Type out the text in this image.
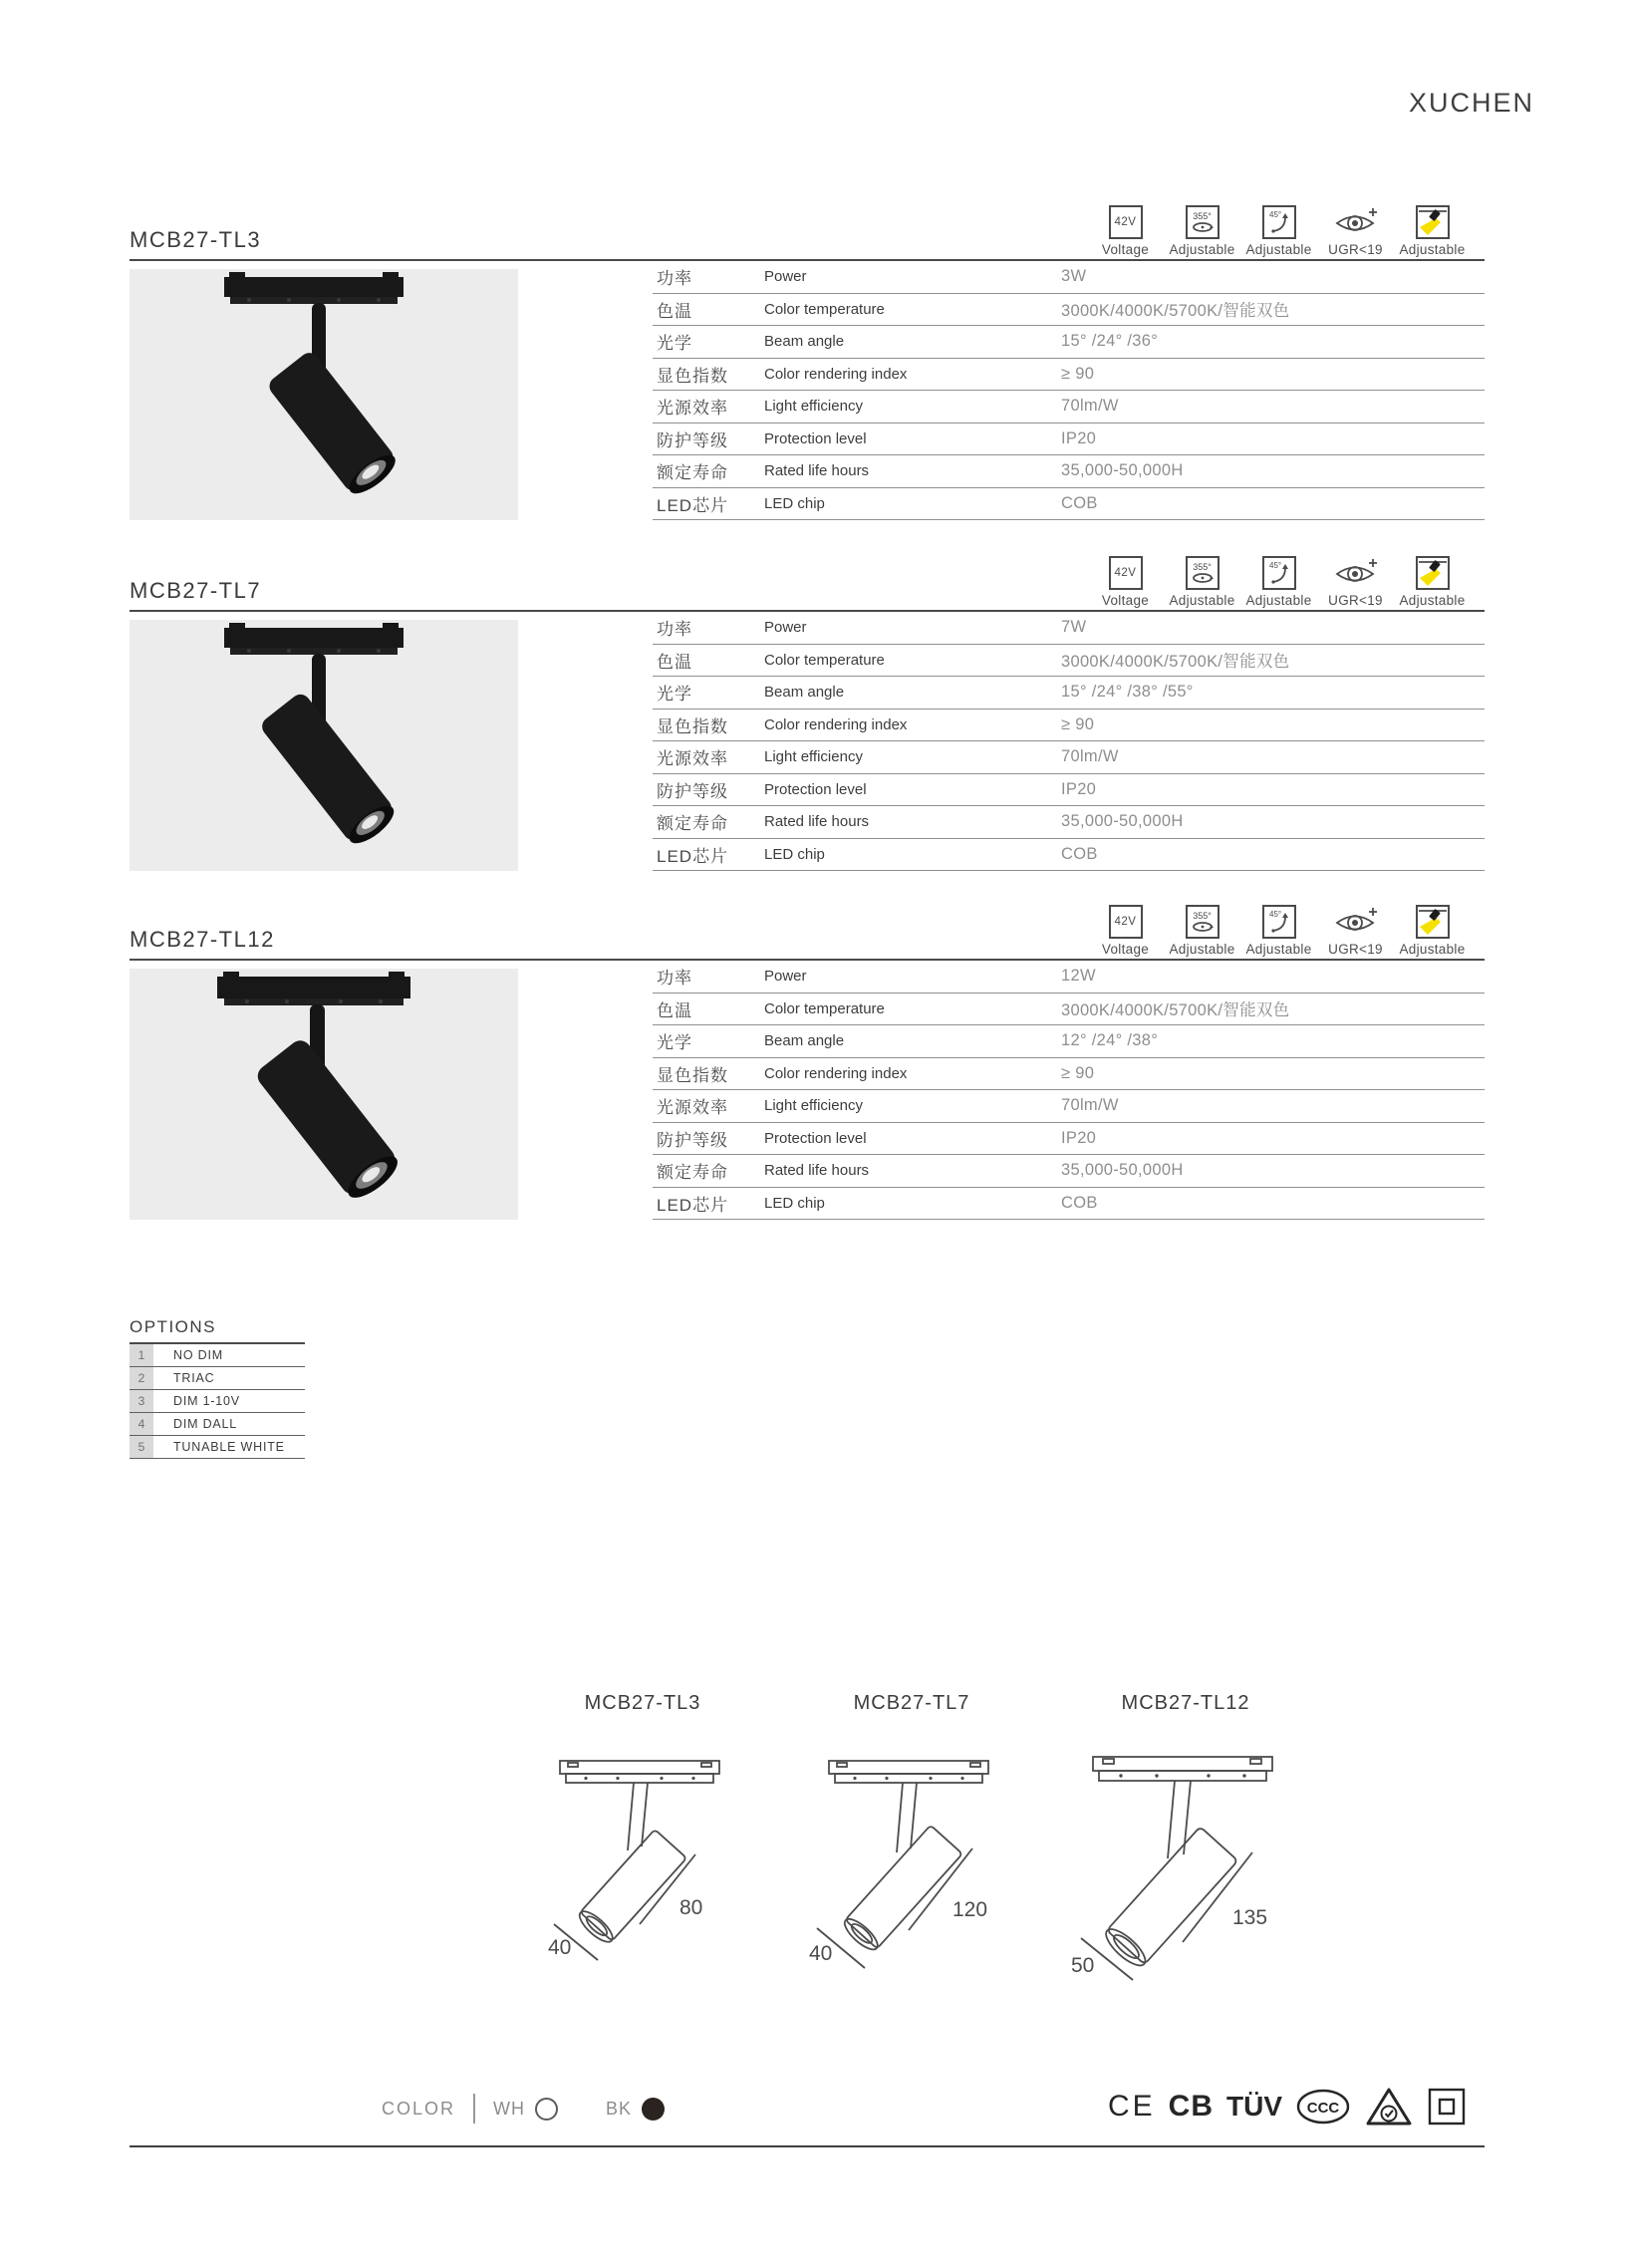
XUCHEN
MCB27-TL3
42V
Voltage
355°
Adjustable
45°
Adjustable UGR<19 Adjustable
功率	Power	3W
色温	Color temperature	3000K/4000K/5700K/智能双色
光学	Beam angle	15° /24° /36°
显色指数	Color rendering index	≥ 90
光源效率	Light efficiency	70lm/W
防护等级	Protection level	IP20
额定寿命	Rated life hours	35,000-50,000H
LED芯片	LED chip	COB
MCB27-TL7
42V
Voltage
355°
Adjustable
45°
Adjustable UGR<19 Adjustable
功率	Power	7W
色温	Color temperature	3000K/4000K/5700K/智能双色
光学	Beam angle	15° /24° /38° /55°
显色指数	Color rendering index	≥ 90
光源效率	Light efficiency	70lm/W
防护等级	Protection level	IP20
额定寿命	Rated life hours	35,000-50,000H
LED芯片	LED chip	COB
MCB27-TL12
42V
Voltage
355°
Adjustable
45°
Adjustable UGR<19 Adjustable
功率	Power	12W
色温	Color temperature	3000K/4000K/5700K/智能双色
光学	Beam angle	12° /24° /38°
显色指数	Color rendering index	≥ 90
光源效率	Light efficiency	70lm/W
防护等级	Protection level	IP20
额定寿命	Rated life hours	35,000-50,000H
LED芯片	LED chip	COB
OPTIONS
1	NO DIM
2	TRIAC
3	DIM 1-10V
4	DIM DALL
5	TUNABLE WHITE
MCB27-TL3
80
40
MCB27-TL7
120
40
MCB27-TL12
135
50
COLOR WH	BK	CE CB TÜV CCC
